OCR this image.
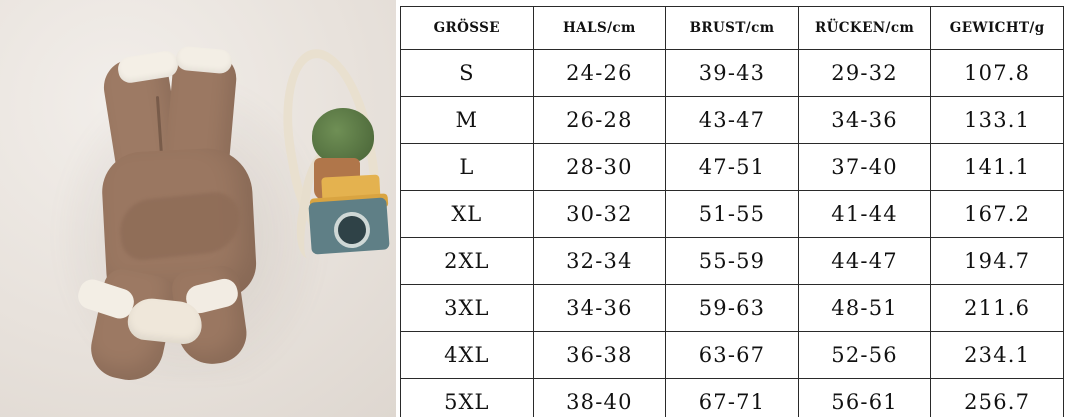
GRÖSSE	HALS/cm	BRUST/cm	RÜCKEN/cm	GEWICHT/g
S	24-26	39-43	29-32	107.8
M	26-28	43-47	34-36	133.1
L	28-30	47-51	37-40	141.1
XL	30-32	51-55	41-44	167.2
2XL	32-34	55-59	44-47	194.7
3XL	34-36	59-63	48-51	211.6
4XL	36-38	63-67	52-56	234.1
5XL	38-40	67-71	56-61	256.7
